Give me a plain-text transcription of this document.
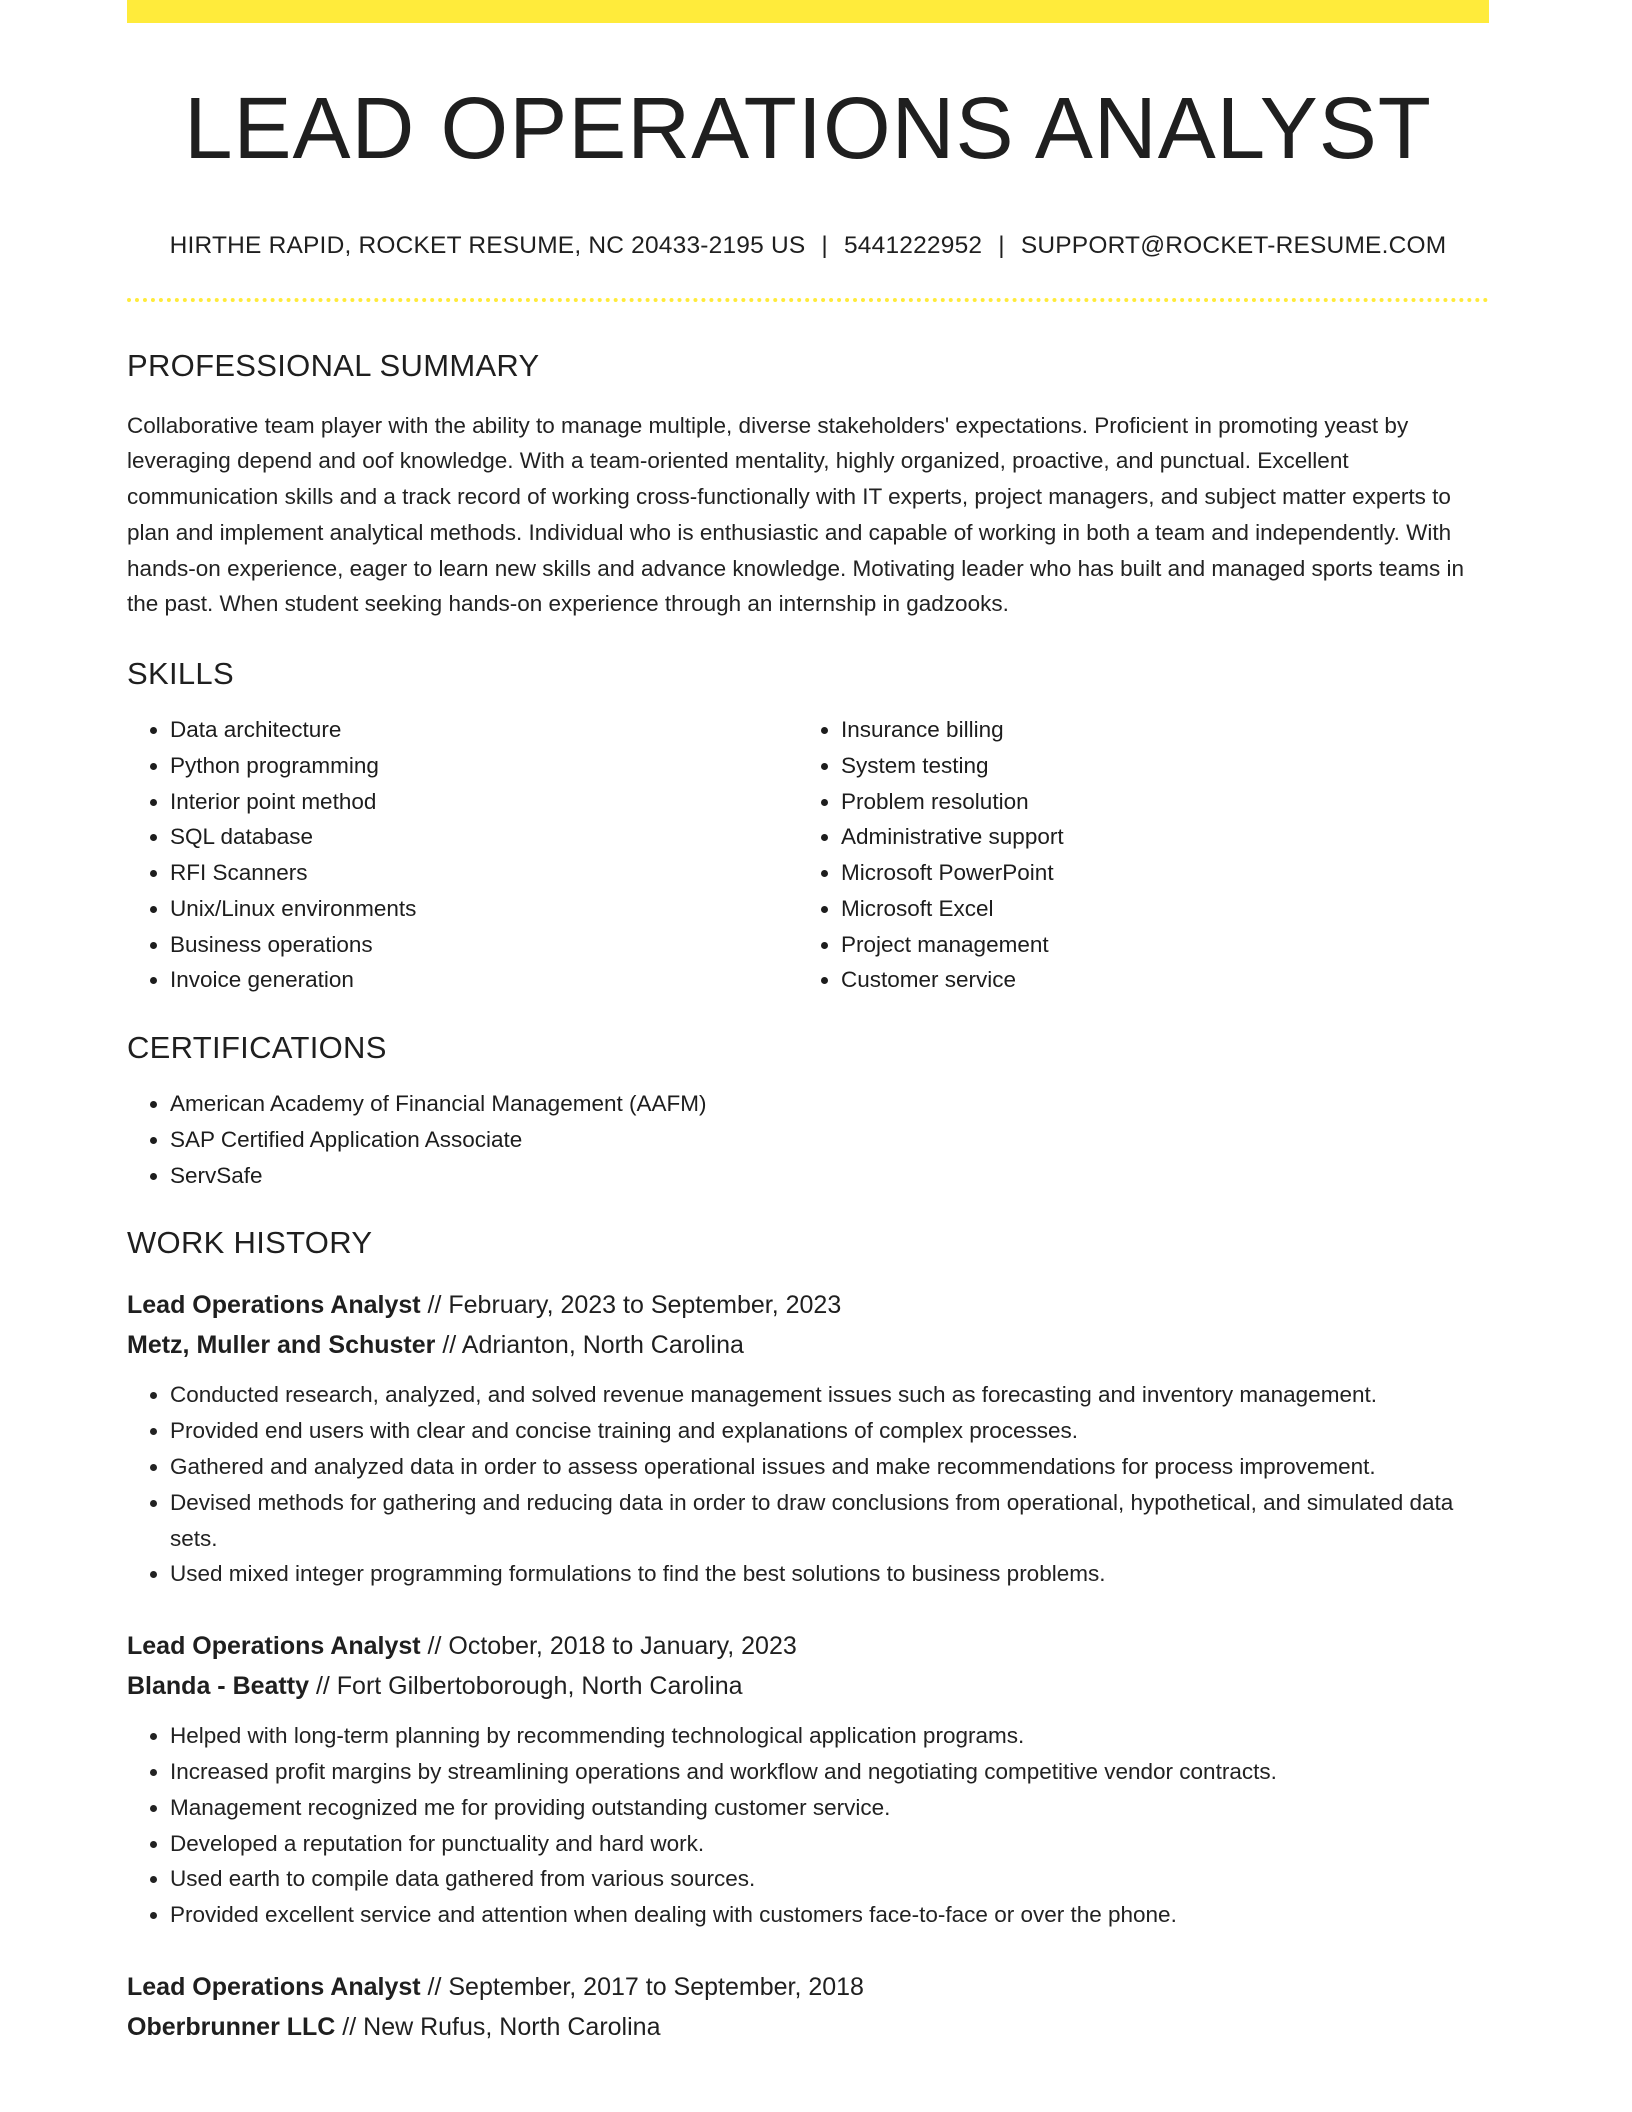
LEAD OPERATIONS ANALYST
HIRTHE RAPID, ROCKET RESUME, NC 20433-2195 US | 5441222952 | SUPPORT@ROCKET-RESUME.COM
PROFESSIONAL SUMMARY

Collaborative team player with the ability to manage multiple, diverse stakeholders' expectations. Proficient in promoting yeast by leveraging depend and oof knowledge. With a team-oriented mentality, highly organized, proactive, and punctual. Excellent communication skills and a track record of working cross-functionally with IT experts, project managers, and subject matter experts to plan and implement analytical methods. Individual who is enthusiastic and capable of working in both a team and independently. With hands-on experience, eager to learn new skills and advance knowledge. Motivating leader who has built and managed sports teams in the past. When student seeking hands-on experience through an internship in gadzooks.

SKILLS
• Data architecture
• Python programming
• Interior point method
• SQL database
• RFI Scanners
• Unix/Linux environments
• Business operations
• Invoice generation
• Insurance billing
• System testing
• Problem resolution
• Administrative support
• Microsoft PowerPoint
• Microsoft Excel
• Project management
• Customer service
CERTIFICATIONS
• American Academy of Financial Management (AAFM)
• SAP Certified Application Associate
• ServSafe
WORK HISTORY
Lead Operations Analyst // February, 2023 to September, 2023
Metz, Muller and Schuster // Adrianton, North Carolina
• Conducted research, analyzed, and solved revenue management issues such as forecasting and inventory management.
• Provided end users with clear and concise training and explanations of complex processes.
• Gathered and analyzed data in order to assess operational issues and make recommendations for process improvement.
• Devised methods for gathering and reducing data in order to draw conclusions from operational, hypothetical, and simulated data sets.
• Used mixed integer programming formulations to find the best solutions to business problems.
Lead Operations Analyst // October, 2018 to January, 2023
Blanda - Beatty // Fort Gilbertoborough, North Carolina
• Helped with long-term planning by recommending technological application programs.
• Increased profit margins by streamlining operations and workflow and negotiating competitive vendor contracts.
• Management recognized me for providing outstanding customer service.
• Developed a reputation for punctuality and hard work.
• Used earth to compile data gathered from various sources.
• Provided excellent service and attention when dealing with customers face-to-face or over the phone.
Lead Operations Analyst // September, 2017 to September, 2018
Oberbrunner LLC // New Rufus, North Carolina
